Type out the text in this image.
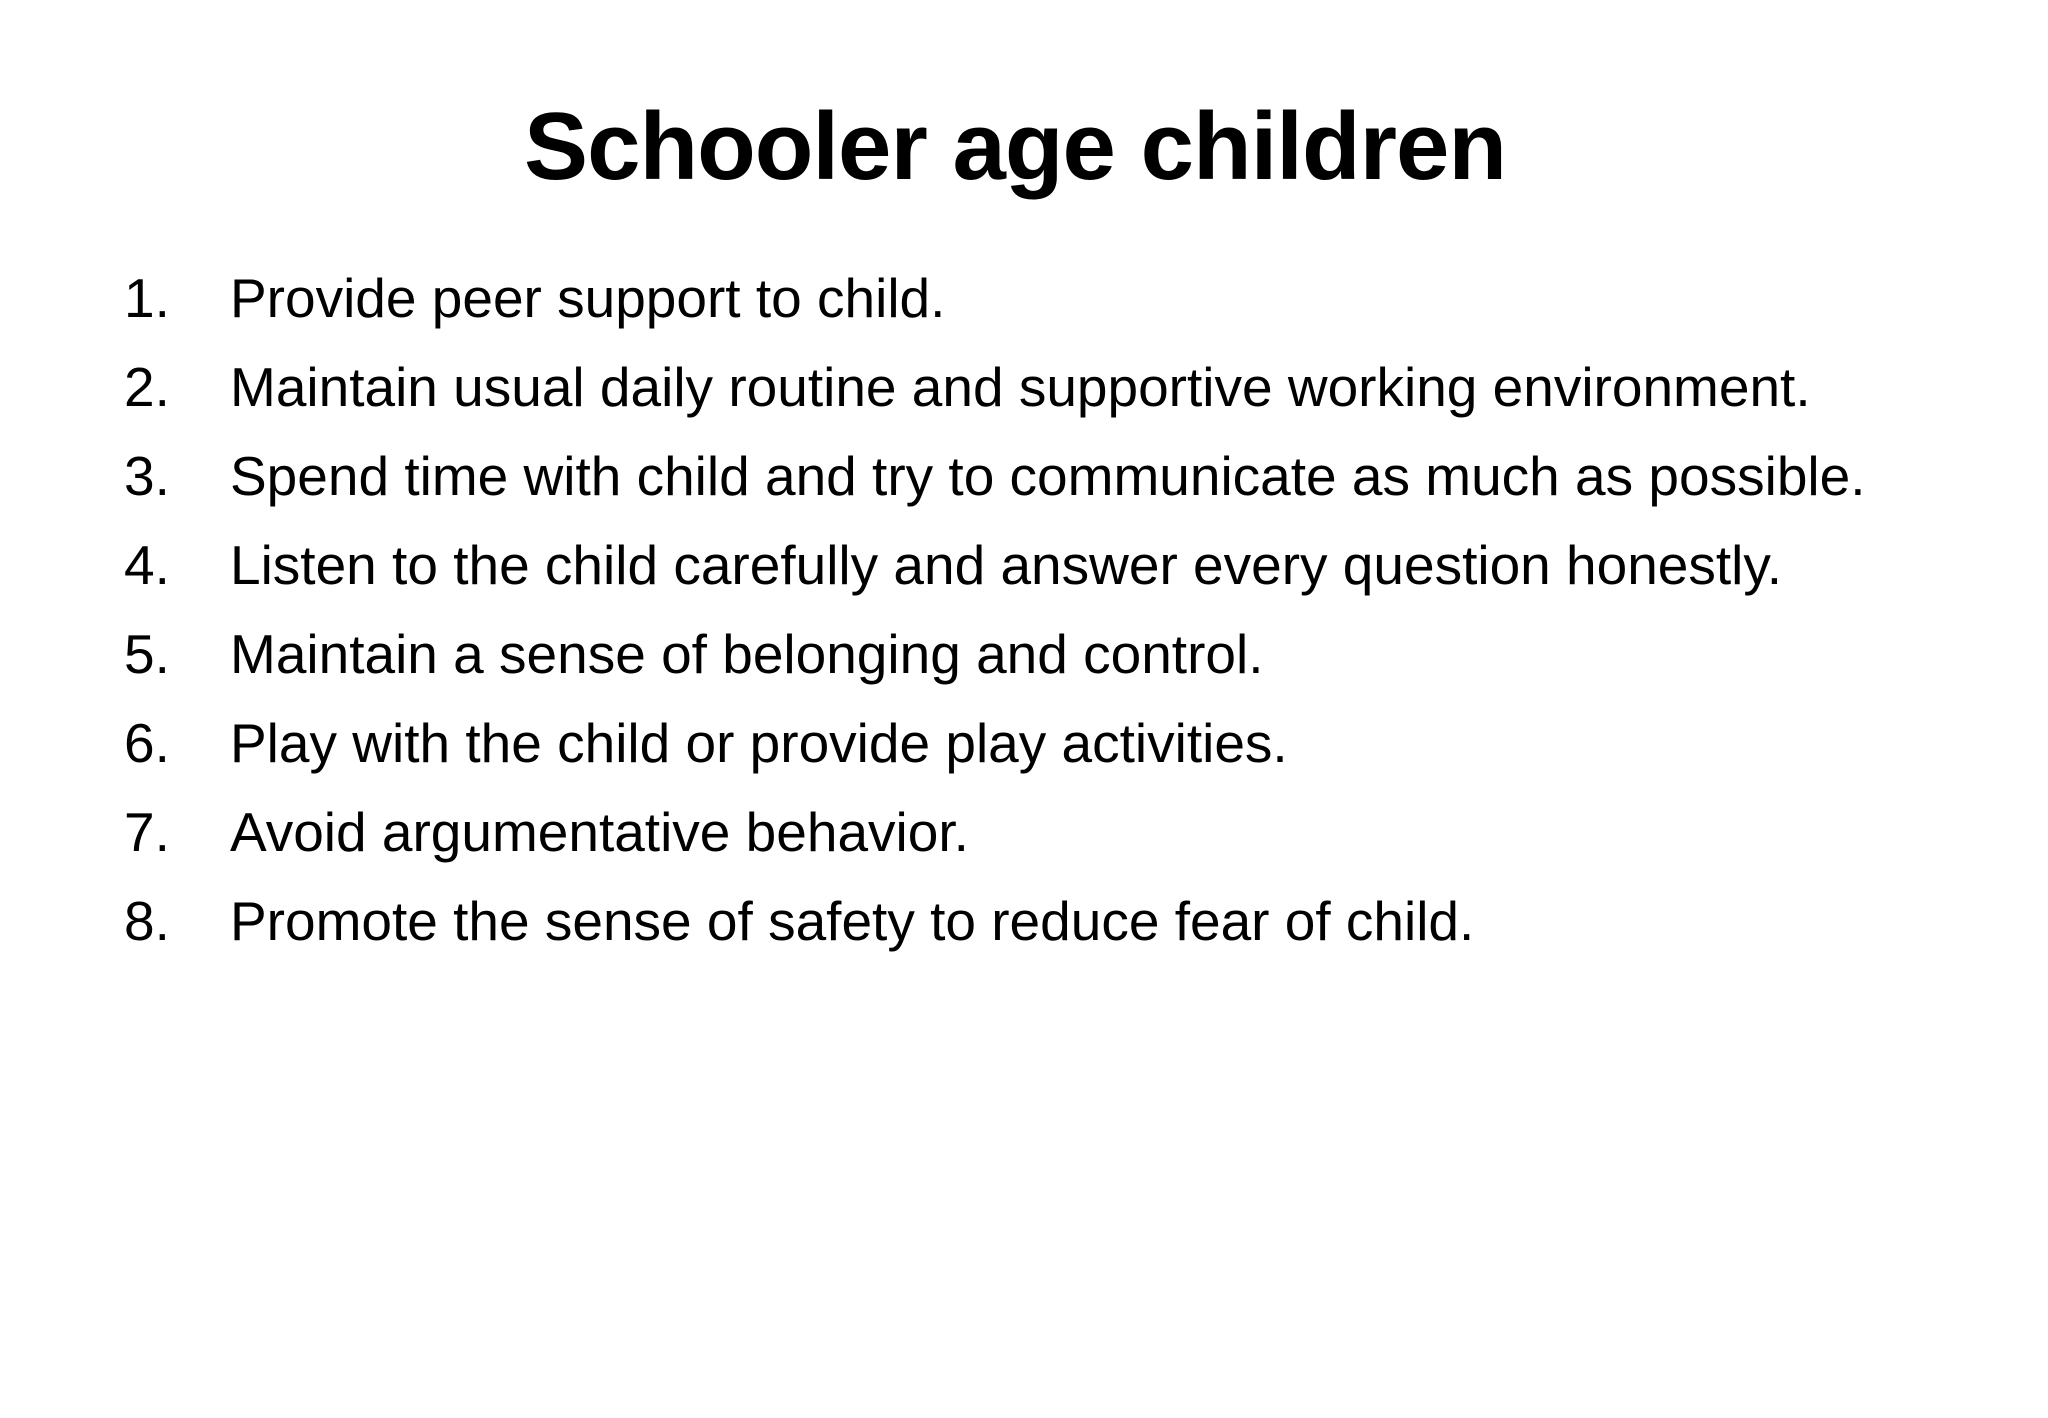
Schooler age children
1. Provide peer support to child.
2. Maintain usual daily routine and supportive working environment.
3. Spend time with child and try to communicate as much as possible.
4. Listen to the child carefully and answer every question honestly.
5. Maintain a sense of belonging and control.
6. Play with the child or provide play activities.
7. Avoid argumentative behavior.
8. Promote the sense of safety to reduce fear of child.
